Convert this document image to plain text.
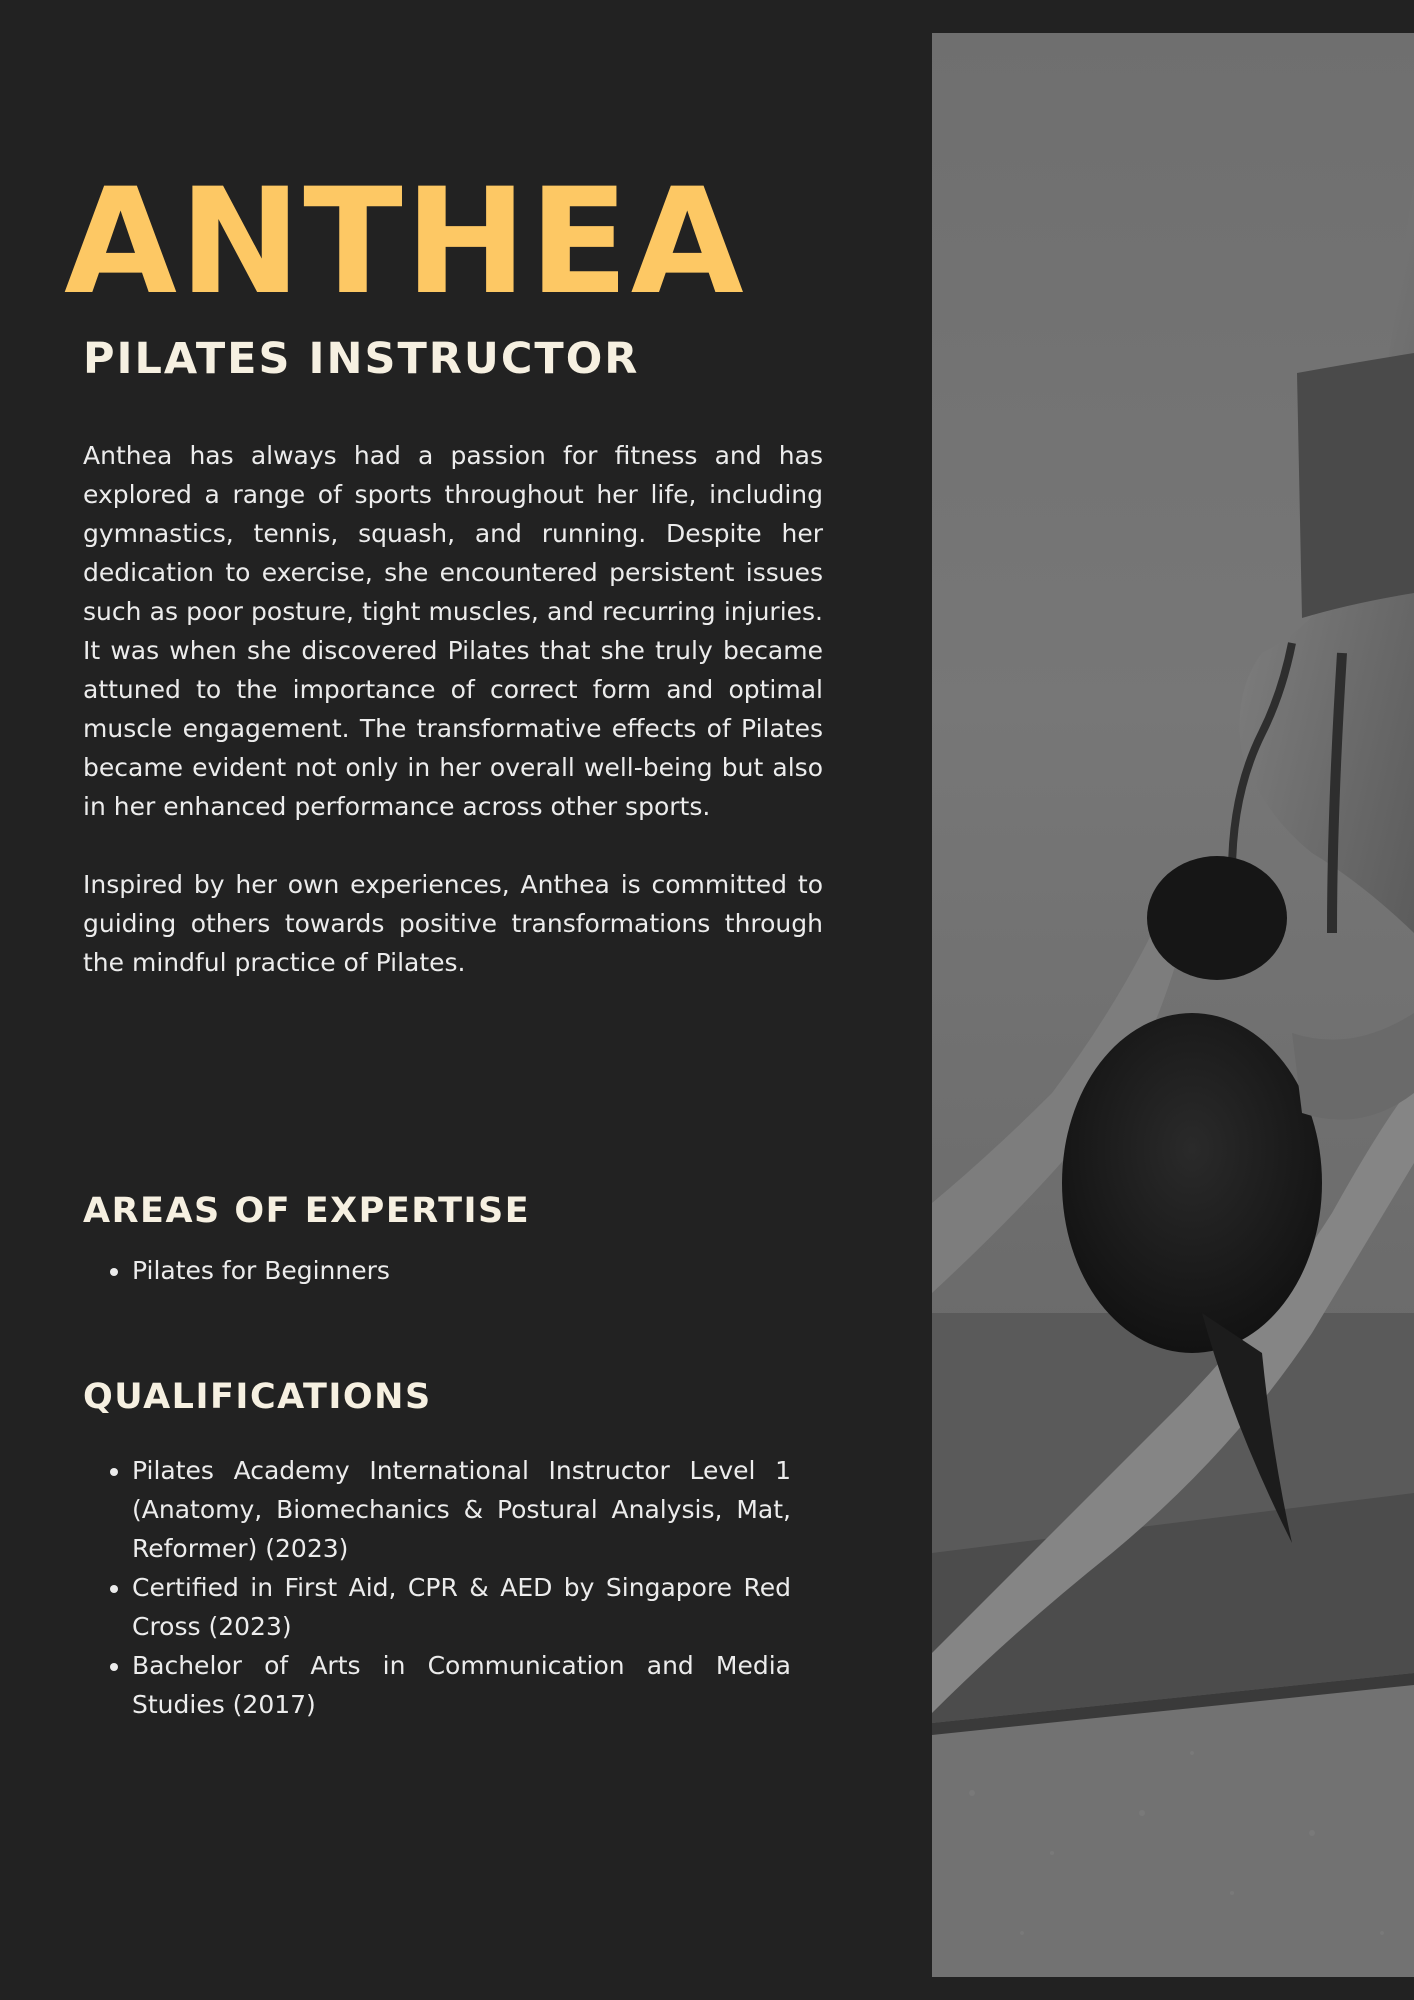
ANTHEA
PILATES INSTRUCTOR

Anthea has always had a passion for fitness and has explored a range of sports throughout her life, including gymnastics, tennis, squash, and running. Despite her dedication to exercise, she encountered persistent issues such as poor posture, tight muscles, and recurring injuries. It was when she discovered Pilates that she truly became attuned to the importance of correct form and optimal muscle engagement. The transformative effects of Pilates became evident not only in her overall well-being but also in her enhanced performance across other sports.

Inspired by her own experiences, Anthea is committed to guiding others towards positive transformations through the mindful practice of Pilates.

AREAS OF EXPERTISE
• Pilates for Beginners
QUALIFICATIONS
• Pilates Academy International Instructor Level 1 (Anatomy, Biomechanics & Postural Analysis, Mat, Reformer) (2023)
• Certified in First Aid, CPR & AED by Singapore Red Cross (2023)
• Bachelor of Arts in Communication and Media Studies (2017)
